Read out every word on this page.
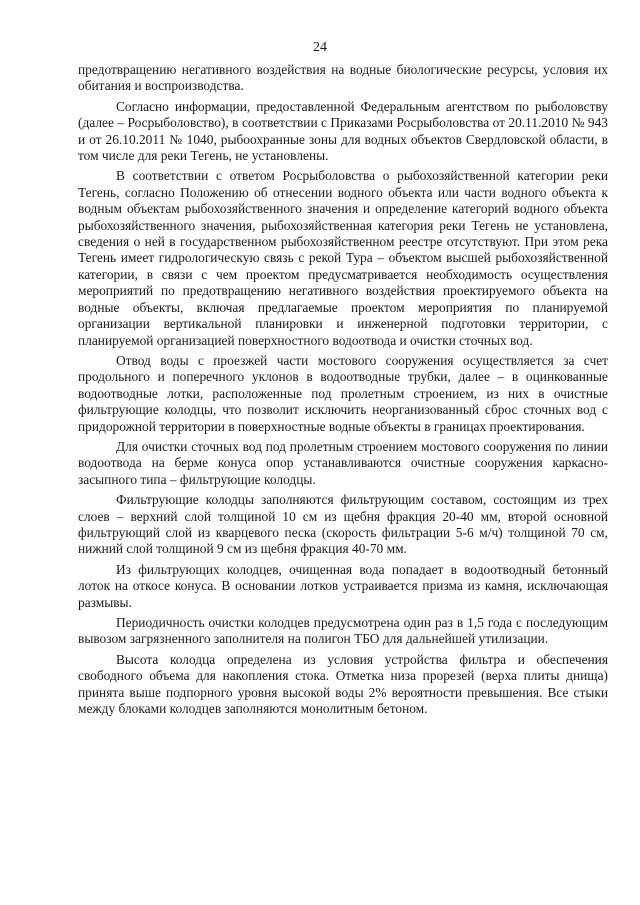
24

предотвращению негативного воздействия на водные биологические ресурсы, условия их обитания и воспроизводства.

Согласно информации, предоставленной Федеральным агентством по рыболовству (далее – Росрыболовство), в соответствии с Приказами Росрыболовства от 20.11.2010 № 943 и от 26.10.2011 № 1040, рыбоохранные зоны для водных объектов Свердловской области, в том числе для реки Тегень, не установлены.

В соответствии с ответом Росрыболовства о рыбохозяйственной категории реки Тегень, согласно Положению об отнесении водного объекта или части водного объекта к водным объектам рыбохозяйственного значения и определение категорий водного объекта рыбохозяйственного значения, рыбохозяйственная категория реки Тегень не установлена, сведения о ней в государственном рыбохозяйственном реестре отсутствуют. При этом река Тегень имеет гидрологическую связь с рекой Тура – объектом высшей рыбохозяйственной категории, в связи с чем проектом предусматривается необходимость осуществления мероприятий по предотвращению негативного воздействия проектируемого объекта на водные объекты, включая предлагаемые проектом мероприятия по планируемой организации вертикальной планировки и инженерной подготовки территории, с планируемой организацией поверхностного водоотвода и очистки сточных вод.

Отвод воды с проезжей части мостового сооружения осуществляется за счет продольного и поперечного уклонов в водоотводные трубки, далее – в оцинкованные водоотводные лотки, расположенные под пролетным строением, из них в очистные фильтрующие колодцы, что позволит исключить неорганизованный сброс сточных вод с придорожной территории в поверхностные водные объекты в границах проектирования.

Для очистки сточных вод под пролетным строением мостового сооружения по линии водоотвода на берме конуса опор устанавливаются очистные сооружения каркасно-засыпного типа – фильтрующие колодцы.

Фильтрующие колодцы заполняются фильтрующим составом, состоящим из трех слоев – верхний слой толщиной 10 см из щебня фракция 20-40 мм, второй основной фильтрующий слой из кварцевого песка (скорость фильтрации 5-6 м/ч) толщиной 70 см, нижний слой толщиной 9 см из щебня фракция 40-70 мм.

Из фильтрующих колодцев, очищенная вода попадает в водоотводный бетонный лоток на откосе конуса. В основании лотков устраивается призма из камня, исключающая размывы.

Периодичность очистки колодцев предусмотрена один раз в 1,5 года с последующим вывозом загрязненного заполнителя на полигон ТБО для дальнейшей утилизации.

Высота колодца определена из условия устройства фильтра и обеспечения свободного объема для накопления стока. Отметка низа прорезей (верха плиты днища) принята выше подпорного уровня высокой воды 2% вероятности превышения. Все стыки между блоками колодцев заполняются монолитным бетоном.
